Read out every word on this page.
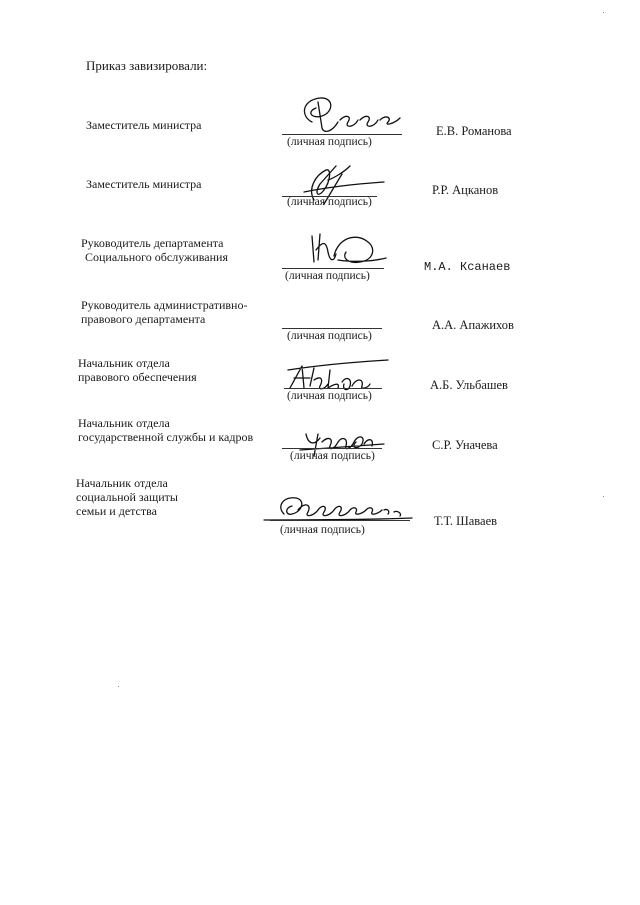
Приказ завизировали:
Заместитель министра
(личная подпись)
Е.В. Романова
Заместитель министра
(личная подпись)
Р.Р. Ацканов
Руководитель департамента
Социального обслуживания
(личная подпись)
М.А. Ксанаев
Руководитель административно-
правового департамента
(личная подпись)
А.А. Апажихов
Начальник отдела
правового обеспечения
(личная подпись)
А.Б. Ульбашев
Начальник отдела
государственной службы и кадров
(личная подпись)
С.Р. Уначева
Начальник отдела
социальной защиты
семьи и детства
(личная подпись)
Т.Т. Шаваев
